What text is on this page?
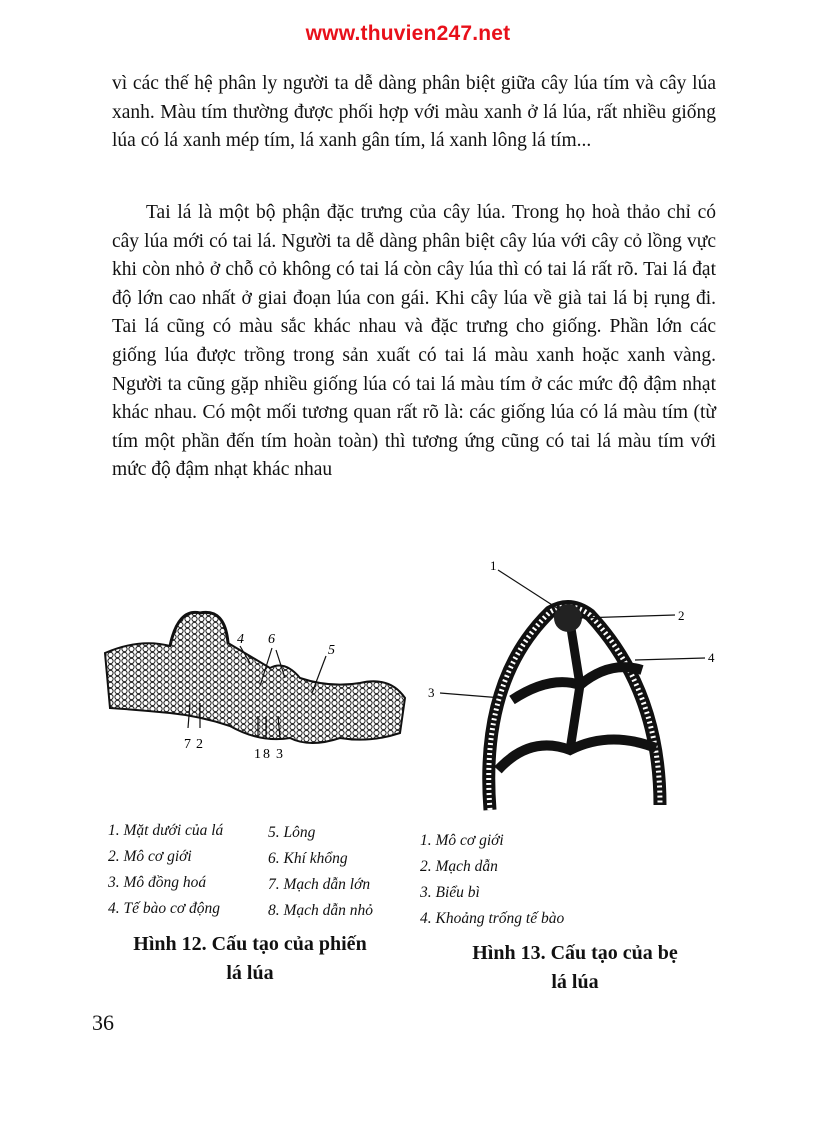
www.thuvien247.net

vì các thế hệ phân ly người ta dễ dàng phân biệt giữa cây lúa tím và cây lúa xanh. Màu tím thường được phối hợp với màu xanh ở lá lúa, rất nhiều giống lúa có lá xanh mép tím, lá xanh gân tím, lá xanh lông lá tím...

Tai lá là một bộ phận đặc trưng của cây lúa. Trong họ hoà thảo chỉ có cây lúa mới có tai lá. Người ta dễ dàng phân biệt cây lúa với cây cỏ lồng vực khi còn nhỏ ở chỗ cỏ không có tai lá còn cây lúa thì có tai lá rất rõ. Tai lá đạt độ lớn cao nhất ở giai đoạn lúa con gái. Khi cây lúa về già tai lá bị rụng đi. Tai lá cũng có màu sắc khác nhau và đặc trưng cho giống. Phần lớn các giống lúa được trồng trong sản xuất có tai lá màu xanh hoặc xanh vàng. Người ta cũng gặp nhiều giống lúa có tai lá màu tím ở các mức độ đậm nhạt khác nhau. Có một mối tương quan rất rõ là: các giống lúa có lá màu tím (từ tím một phần đến tím hoàn toàn) thì tương ứng cũng có tai lá màu tím với mức độ đậm nhạt khác nhau

4 6
5
7 2
1 8 3
1
2
4
3
1. Mặt dưới của lá
2. Mô cơ giới
3. Mô đồng hoá
4. Tế bào cơ động
5. Lông
6. Khí khổng
7. Mạch dẫn lớn
8. Mạch dẫn nhỏ
1. Mô cơ giới
2. Mạch dẫn
3. Biểu bì
4. Khoảng trống tế bào
Hình 12. Cấu tạo của phiến
lá lúa
Hình 13. Cấu tạo của bẹ
lá lúa
36
